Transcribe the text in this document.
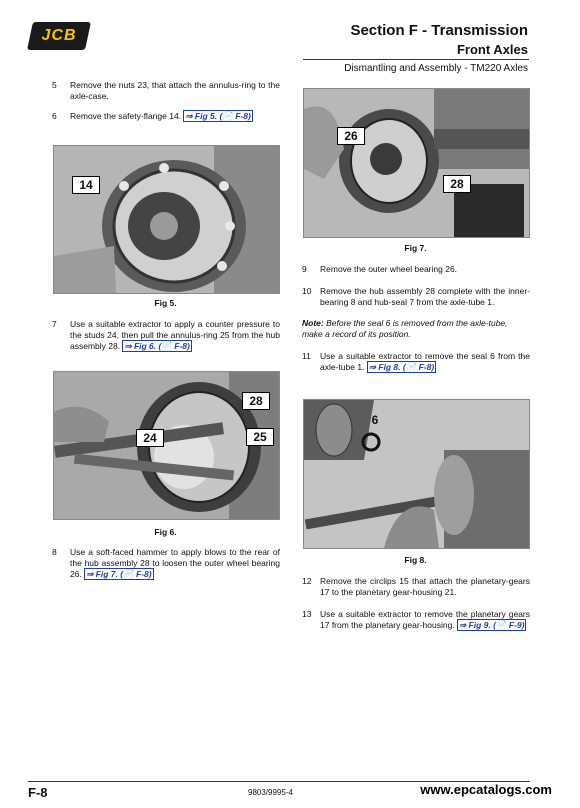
JCB	Section F - Transmission
Front Axles
Dismantling and Assembly - TM220 Axles
5	Remove the nuts 23, that attach the annulus-ring to the axle-case.
6	Remove the safety-flange 14. ⇒ Fig 5. (📄 F-8)
14
Fig 5.
7	Use a suitable extractor to apply a counter pressure to the studs 24, then pull the annulus-ring 25 from the hub assembly 28. ⇒ Fig 6. (📄 F-8)
28
24	25
Fig 6.
8	Use a soft-faced hammer to apply blows to the rear of the hub assembly 28 to loosen the outer wheel bearing 26. ⇒ Fig 7. (📄 F-8)
26
28
Fig 7.
9	Remove the outer wheel bearing 26.
10	Remove the hub assembly 28 complete with the inner-bearing 8 and hub-seal 7 from the axle-tube 1.
Note: Before the seal 6 is removed from the axle-tube, make a record of its position.
11	Use a suitable extractor to remove the seal 6 from the axle-tube 1. ⇒ Fig 8. (📄 F-8)
6
Fig 8.
12	Remove the circlips 15 that attach the planetary-gears 17 to the planetary gear-housing 21.
13	Use a suitable extractor to remove the planetary gears 17 from the planetary gear-housing. ⇒ Fig 9. (📄 F-9)
F-8	9803/9995-4	www.epcatalogs.com
